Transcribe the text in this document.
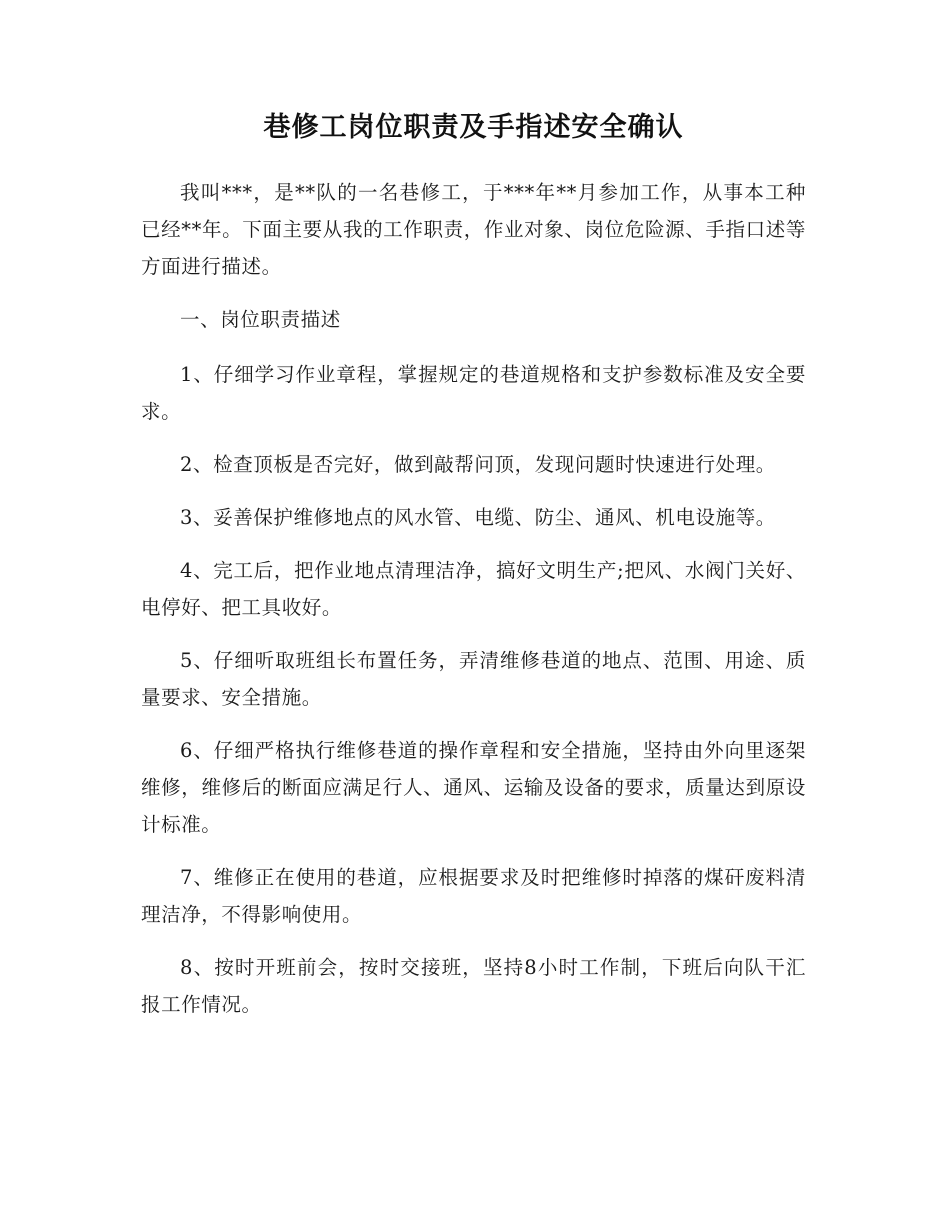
巷修工岗位职责及手指述安全确认

我叫***，是**队的一名巷修工，于***年**月参加工作，从事本工种已经**年。下面主要从我的工作职责，作业对象、岗位危险源、手指口述等方面进行描述。

一、岗位职责描述

1、仔细学习作业章程，掌握规定的巷道规格和支护参数标准及安全要求。

2、检查顶板是否完好，做到敲帮问顶，发现问题时快速进行处理。

3、妥善保护维修地点的风水管、电缆、防尘、通风、机电设施等。

4、完工后，把作业地点清理洁净，搞好文明生产;把风、水阀门关好、电停好、把工具收好。

5、仔细听取班组长布置任务，弄清维修巷道的地点、范围、用途、质量要求、安全措施。

6、仔细严格执行维修巷道的操作章程和安全措施，坚持由外向里逐架维修，维修后的断面应满足行人、通风、运输及设备的要求，质量达到原设计标准。

7、维修正在使用的巷道，应根据要求及时把维修时掉落的煤矸废料清理洁净，不得影响使用。

8、按时开班前会，按时交接班，坚持8小时工作制，下班后向队干汇报工作情况。
